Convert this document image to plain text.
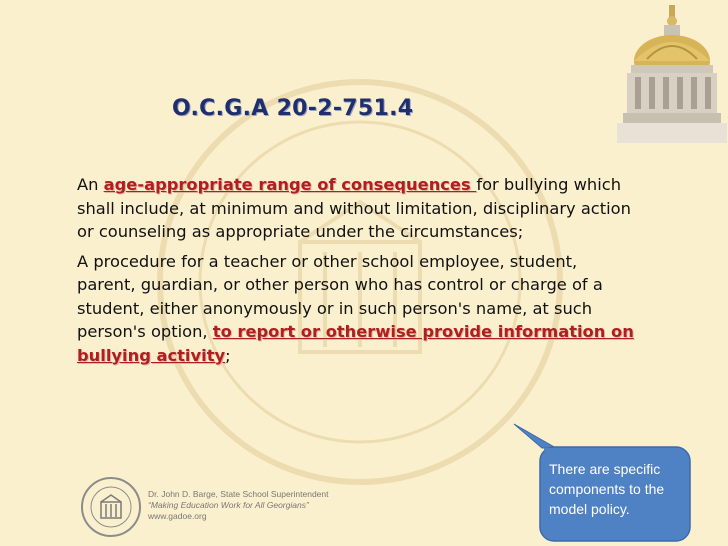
O.C.G.A 20-2-751.4

An age-appropriate range of consequences for bullying which shall include, at minimum and without limitation, disciplinary action or counseling as appropriate under the circumstances;

A procedure for a teacher or other school employee, student, parent, guardian, or other person who has control or charge of a student, either anonymously or in such person's name, at such person's option, to report or otherwise provide information on bullying activity;

Dr. John D. Barge, State School Superintendent
“Making Education Work for All Georgians”
www.gadoe.org

There are specific components to the model policy.
